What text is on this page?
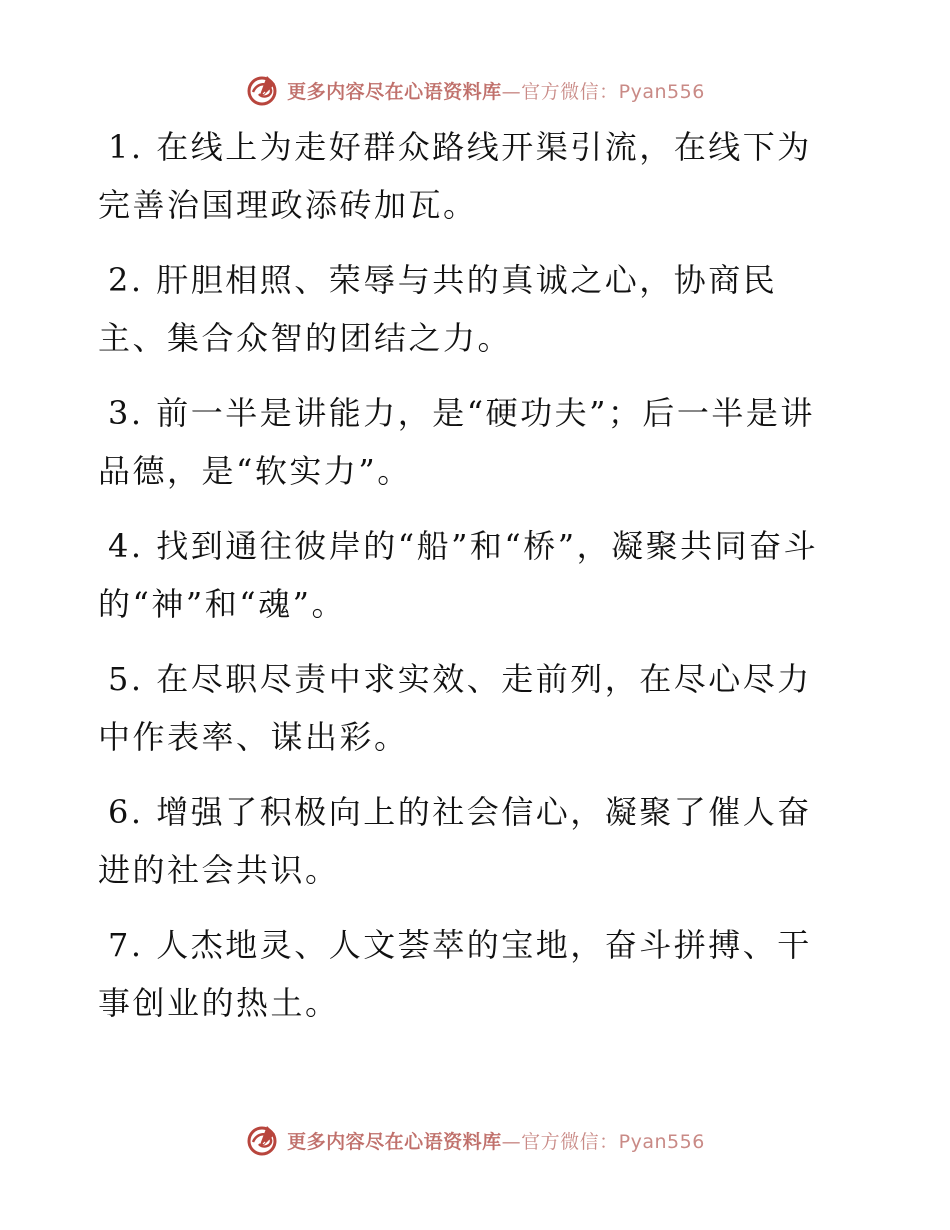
更多内容尽在心语资料库—官方微信：Pyan556

1. 在线上为走好群众路线开渠引流，在线下为完善治国理政添砖加瓦。

2. 肝胆相照、荣辱与共的真诚之心，协商民主、集合众智的团结之力。

3. 前一半是讲能力，是“硬功夫”；后一半是讲品德，是“软实力”。

4. 找到通往彼岸的“船”和“桥”，凝聚共同奋斗的“神”和“魂”。

5. 在尽职尽责中求实效、走前列，在尽心尽力中作表率、谋出彩。

6. 增强了积极向上的社会信心，凝聚了催人奋进的社会共识。

7. 人杰地灵、人文荟萃的宝地，奋斗拼搏、干事创业的热土。

更多内容尽在心语资料库—官方微信：Pyan556
